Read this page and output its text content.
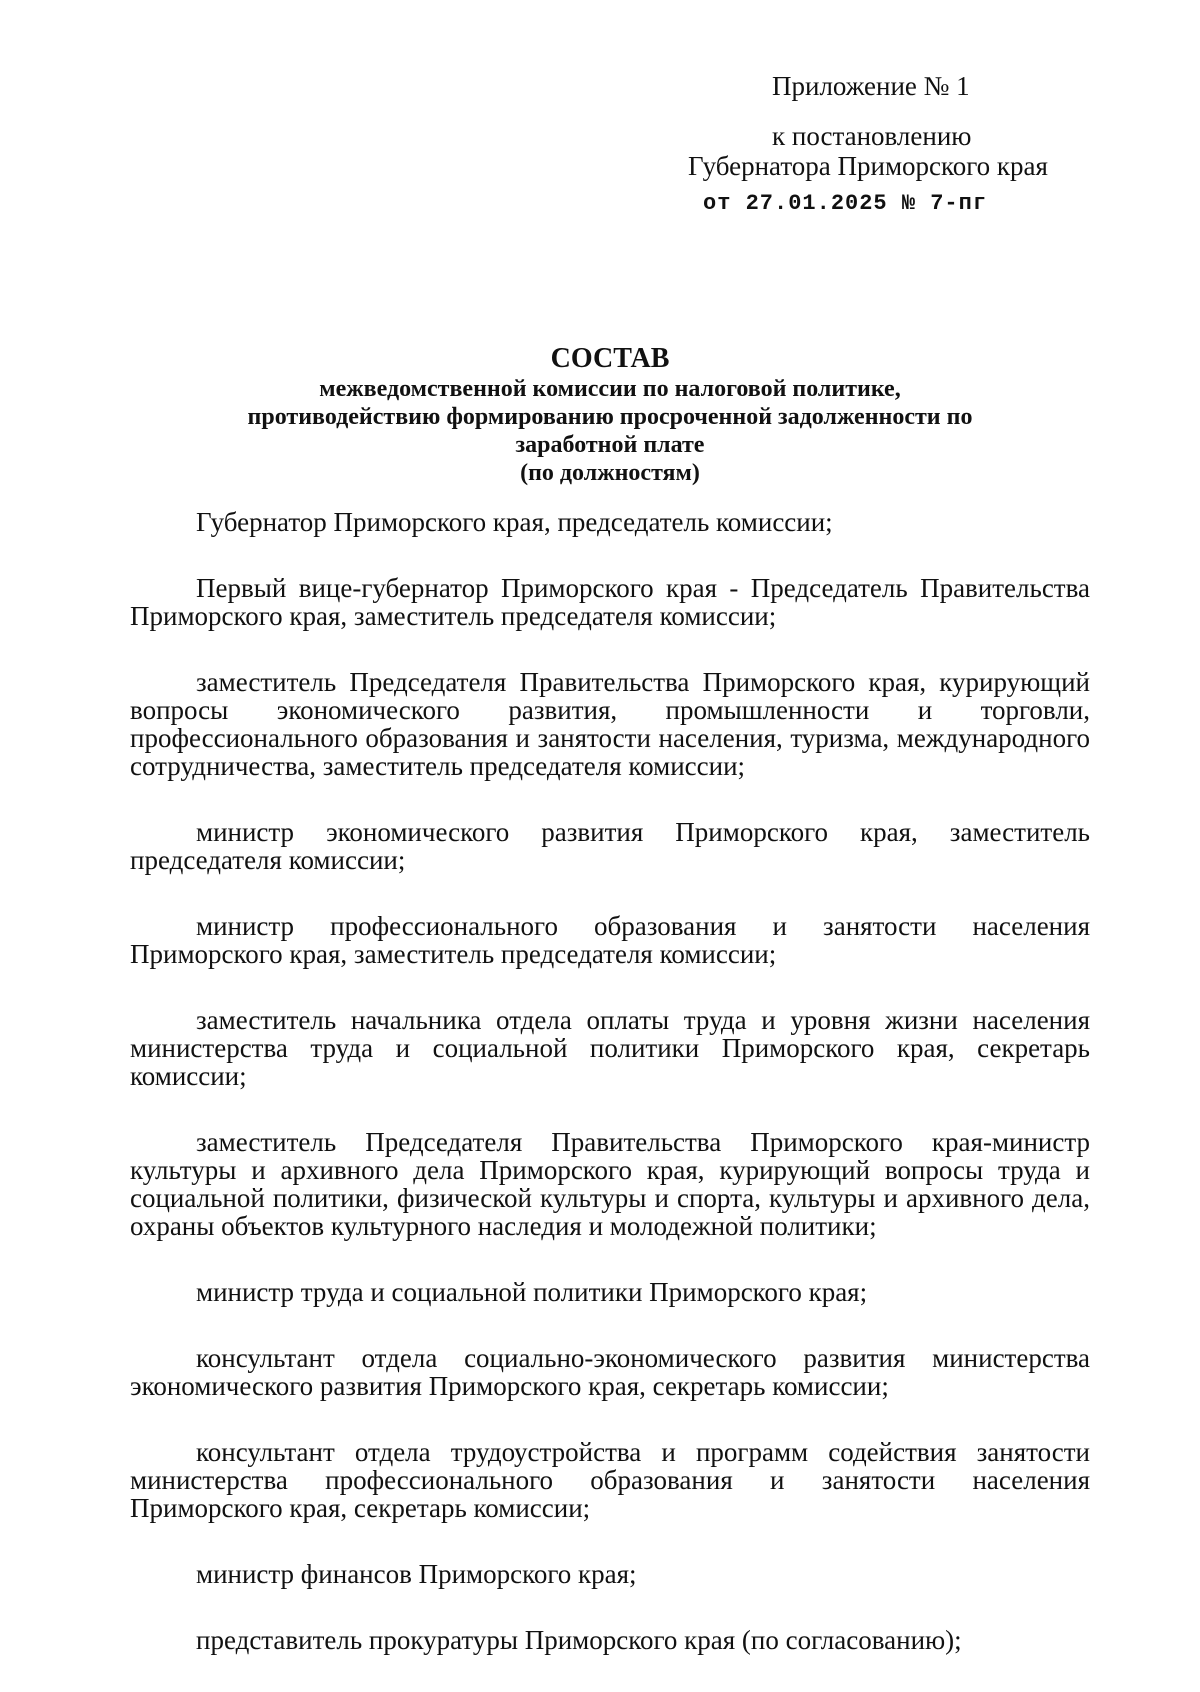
Приложение № 1
к постановлению
Губернатора Приморского края
от 27.01.2025 № 7-пг
СОСТАВ
межведомственной комиссии по налоговой политике,
противодействию формированию просроченной задолженности по
заработной плате
(по должностям)

Губернатор Приморского края, председатель комиссии;

Первый вице-губернатор Приморского края - Председатель Правительства Приморского края, заместитель председателя комиссии;

заместитель Председателя Правительства Приморского края, курирующий вопросы экономического развития, промышленности и торговли, профессионального образования и занятости населения, туризма, международного сотрудничества, заместитель председателя комиссии;

министр экономического развития Приморского края, заместитель председателя комиссии;

министр профессионального образования и занятости населения Приморского края, заместитель председателя комиссии;

заместитель начальника отдела оплаты труда и уровня жизни населения министерства труда и социальной политики Приморского края, секретарь комиссии;

заместитель Председателя Правительства Приморского края-министр культуры и архивного дела Приморского края, курирующий вопросы труда и социальной политики, физической культуры и спорта, культуры и архивного дела, охраны объектов культурного наследия и молодежной политики;

министр труда и социальной политики Приморского края;

консультант отдела социально-экономического развития министерства экономического развития Приморского края, секретарь комиссии;

консультант отдела трудоустройства и программ содействия занятости министерства профессионального образования и занятости населения Приморского края, секретарь комиссии;

министр финансов Приморского края;

представитель прокуратуры Приморского края (по согласованию);
